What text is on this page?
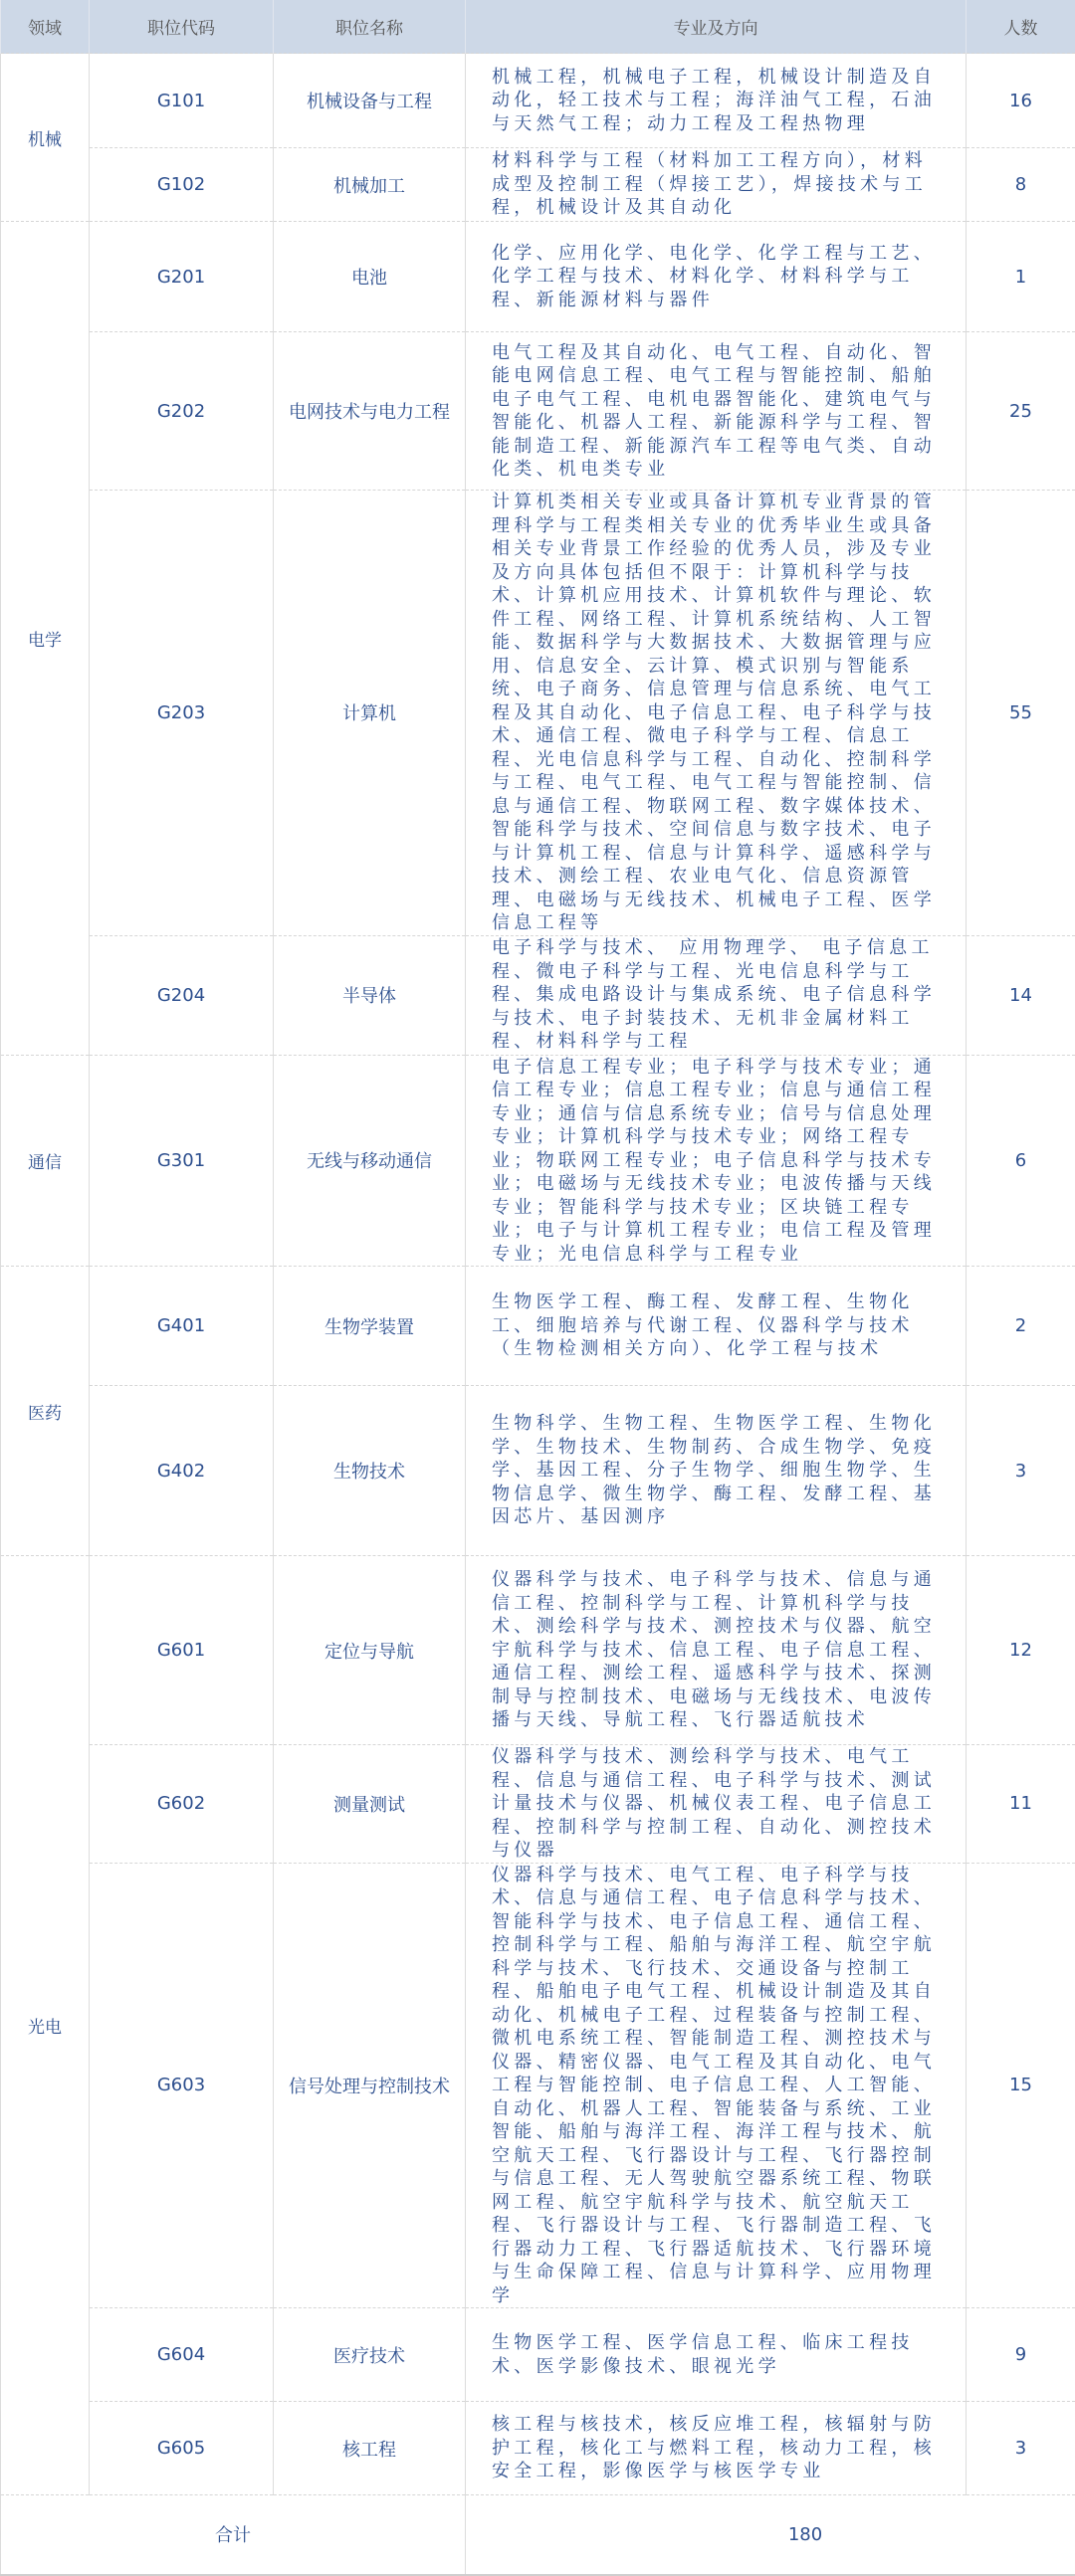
领域	职位代码	职位名称	专业及方向	人数
机械	G101	机械设备与工程	机械工程，机械电子工程，机械设计制造及自动化，轻工技术与工程；海洋油气工程，石油与天然气工程；动力工程及工程热物理	16
	G102	机械加工	材料科学与工程（材料加工工程方向），材料成型及控制工程（焊接工艺），焊接技术与工程，机械设计及其自动化	8
电学	G201	电池	化学、应用化学、电化学、化学工程与工艺、化学工程与技术、材料化学、材料科学与工程、新能源材料与器件	1
	G202	电网技术与电力工程	电气工程及其自动化、电气工程、自动化、智能电网信息工程、电气工程与智能控制、船舶电子电气工程、电机电器智能化、建筑电气与智能化、机器人工程、新能源科学与工程、智能制造工程、新能源汽车工程等电气类、自动化类、机电类专业	25
	G203	计算机	计算机类相关专业或具备计算机专业背景的管理科学与工程类相关专业的优秀毕业生或具备相关专业背景工作经验的优秀人员，涉及专业及方向具体包括但不限于：计算机科学与技术、计算机应用技术、计算机软件与理论、软件工程、网络工程、计算机系统结构、人工智能、数据科学与大数据技术、大数据管理与应用、信息安全、云计算、模式识别与智能系统、电子商务、信息管理与信息系统、电气工程及其自动化、电子信息工程、电子科学与技术、通信工程、微电子科学与工程、信息工程、光电信息科学与工程、自动化、控制科学与工程、电气工程、电气工程与智能控制、信息与通信工程、物联网工程、数字媒体技术、智能科学与技术、空间信息与数字技术、电子与计算机工程、信息与计算科学、遥感科学与技术、测绘工程、农业电气化、信息资源管理、电磁场与无线技术、机械电子工程、医学信息工程等	55
	G204	半导体	电子科学与技术、 应用物理学、 电子信息工程、微电子科学与工程、光电信息科学与工程、集成电路设计与集成系统、电子信息科学与技术、电子封装技术、无机非金属材料工程、材料科学与工程	14
通信	G301	无线与移动通信	电子信息工程专业；电子科学与技术专业；通信工程专业；信息工程专业；信息与通信工程专业；通信与信息系统专业；信号与信息处理专业；计算机科学与技术专业；网络工程专业；物联网工程专业；电子信息科学与技术专业；电磁场与无线技术专业；电波传播与天线专业；智能科学与技术专业；区块链工程专业；电子与计算机工程专业；电信工程及管理专业；光电信息科学与工程专业	6
医药	G401	生物学装置	生物医学工程、酶工程、发酵工程、生物化工、细胞培养与代谢工程、仪器科学与技术（生物检测相关方向）、化学工程与技术	2
	G402	生物技术	生物科学、生物工程、生物医学工程、生物化学、生物技术、生物制药、合成生物学、免疫学、基因工程、分子生物学、细胞生物学、生物信息学、微生物学、酶工程、发酵工程、基因芯片、基因测序	3
光电	G601	定位与导航	仪器科学与技术、电子科学与技术、信息与通信工程、控制科学与工程、计算机科学与技术、测绘科学与技术、测控技术与仪器、航空宇航科学与技术、信息工程、电子信息工程、通信工程、测绘工程、遥感科学与技术、探测制导与控制技术、电磁场与无线技术、电波传播与天线、导航工程、飞行器适航技术	12
	G602	测量测试	仪器科学与技术、测绘科学与技术、电气工程、信息与通信工程、电子科学与技术、测试计量技术与仪器、机械仪表工程、电子信息工程、控制科学与控制工程、自动化、测控技术与仪器	11
	G603	信号处理与控制技术	仪器科学与技术、电气工程、电子科学与技术、信息与通信工程、电子信息科学与技术、智能科学与技术、电子信息工程、通信工程、控制科学与工程、船舶与海洋工程、航空宇航科学与技术、飞行技术、交通设备与控制工程、船舶电子电气工程、机械设计制造及其自动化、机械电子工程、过程装备与控制工程、微机电系统工程、智能制造工程、测控技术与仪器、精密仪器、电气工程及其自动化、电气工程与智能控制、电子信息工程、人工智能、自动化、机器人工程、智能装备与系统、工业智能、船舶与海洋工程、海洋工程与技术、航空航天工程、飞行器设计与工程、飞行器控制与信息工程、无人驾驶航空器系统工程、物联网工程、航空宇航科学与技术、航空航天工程、飞行器设计与工程、飞行器制造工程、飞行器动力工程、飞行器适航技术、飞行器环境与生命保障工程、信息与计算科学、应用物理学	15
	G604	医疗技术	生物医学工程、医学信息工程、临床工程技术、医学影像技术、眼视光学	9
	G605	核工程	核工程与核技术，核反应堆工程，核辐射与防护工程，核化工与燃料工程，核动力工程，核安全工程，影像医学与核医学专业	3
合计			180	
